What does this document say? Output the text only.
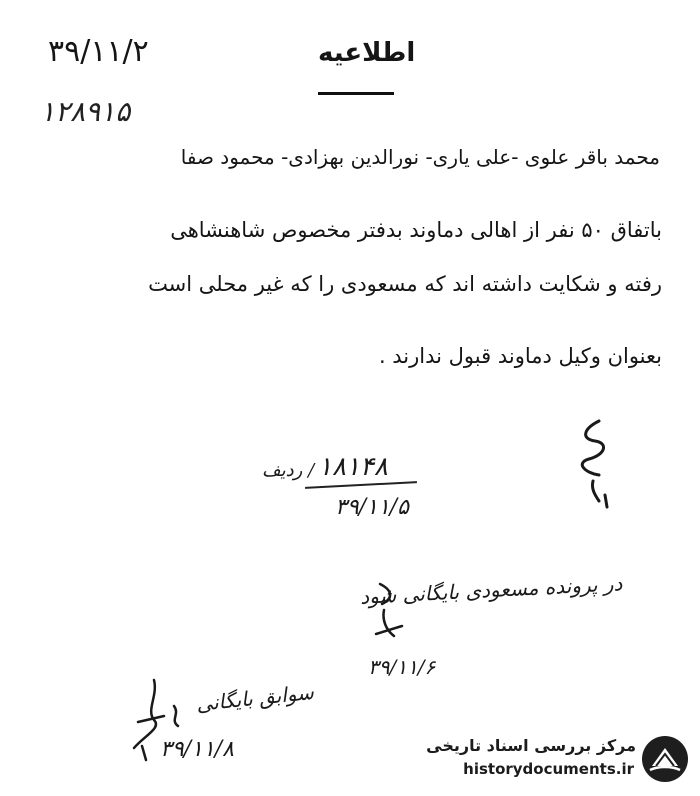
۳۹/۱۱/۲	اطلاعیه
۱۲۸۹۱۵
محمد باقر علوی -علی یاری- نورالدین بهزادی- محمود صفا
باتفاق ۵۰ نفر از اهالی دماوند بدفتر مخصوص شاهنشاهی
رفته و شکایت داشته اند که مسعودی را که غیر محلی است
بعنوان وکیل دماوند قبول ندارند .
۱۸۱۴۸
/ ردیف
۳۹/۱۱/۵
در پرونده مسعودی بایگانی شود
۳۹/۱۱/۶
سوابق بایگانی
۳۹/۱۱/۸	مرکز بررسی اسناد تاریخی
historydocuments.ir
